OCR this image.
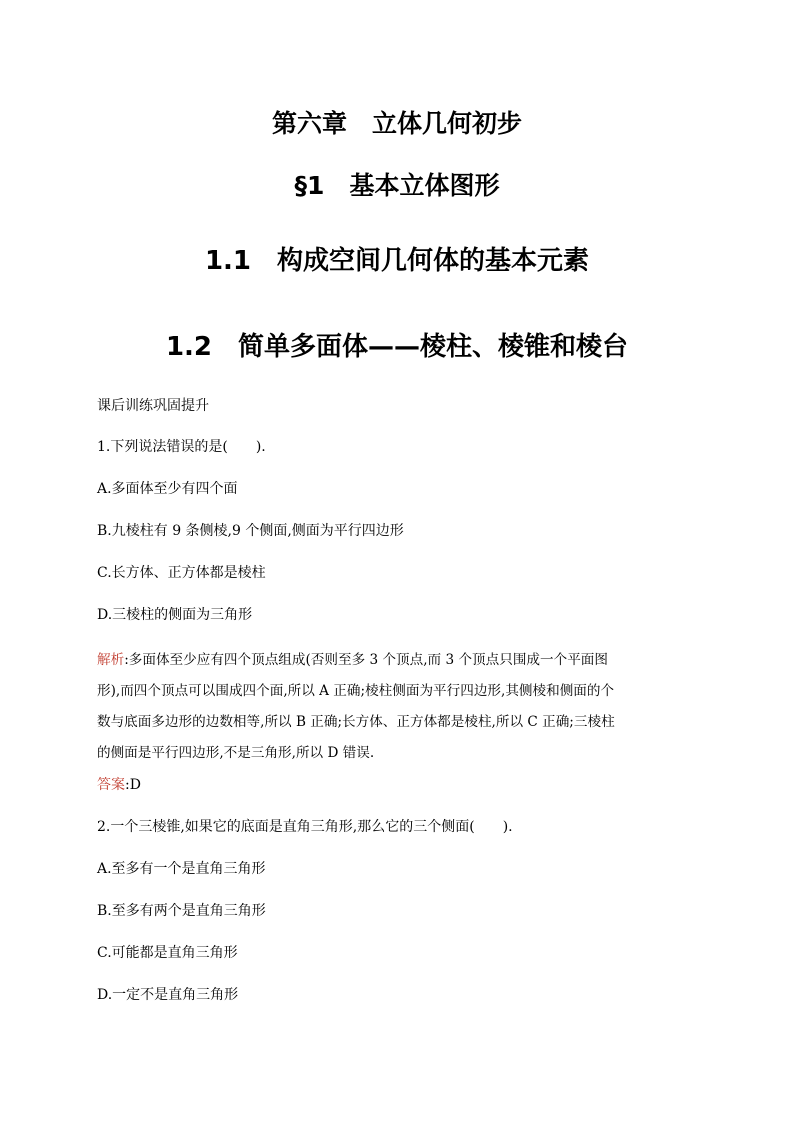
第六章　立体几何初步
§1　基本立体图形
1.1　构成空间几何体的基本元素
1.2　简单多面体——棱柱、棱锥和棱台
课后训练巩固提升
1.下列说法错误的是(　　).
A.多面体至少有四个面
B.九棱柱有 9 条侧棱,9 个侧面,侧面为平行四边形
C.长方体、正方体都是棱柱
D.三棱柱的侧面为三角形
解析:多面体至少应有四个顶点组成(否则至多 3 个顶点,而 3 个顶点只围成一个平面图
形),而四个顶点可以围成四个面,所以 A 正确;棱柱侧面为平行四边形,其侧棱和侧面的个
数与底面多边形的边数相等,所以 B 正确;长方体、正方体都是棱柱,所以 C 正确;三棱柱
的侧面是平行四边形,不是三角形,所以 D 错误.
答案:D
2.一个三棱锥,如果它的底面是直角三角形,那么它的三个侧面(　　).
A.至多有一个是直角三角形
B.至多有两个是直角三角形
C.可能都是直角三角形
D.一定不是直角三角形
